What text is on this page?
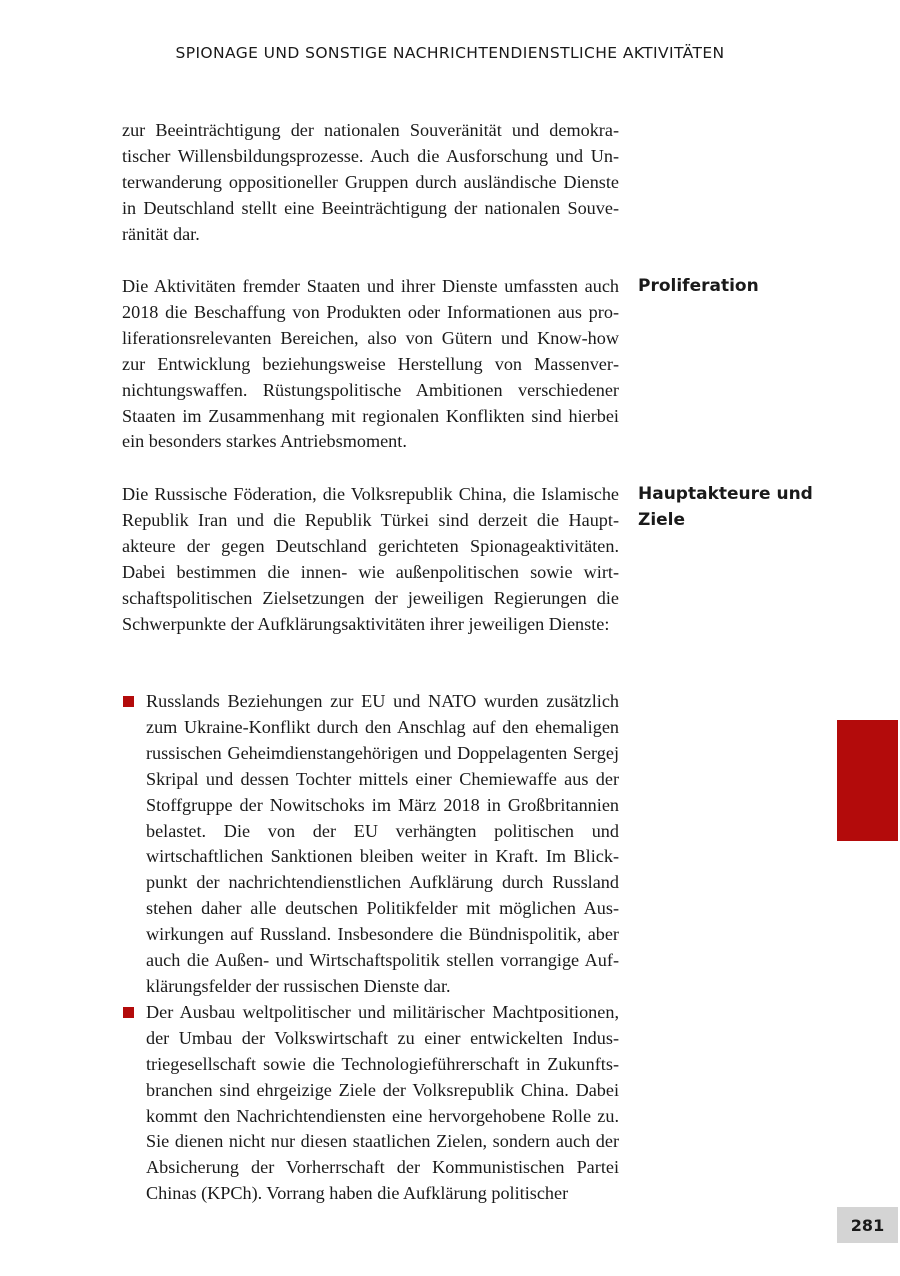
SPIONAGE UND SONSTIGE NACHRICHTENDIENSTLICHE AKTIVITÄTEN

zur Beeinträchtigung der nationalen Souveränität und demokratischer Willensbildungsprozesse. Auch die Ausforschung und Unterwanderung oppositioneller Gruppen durch ausländische Dienste in Deutschland stellt eine Beeinträchtigung der nationalen Souveränität dar.

Proliferation

Die Aktivitäten fremder Staaten und ihrer Dienste umfassten auch 2018 die Beschaffung von Produkten oder Informationen aus proliferationsrelevanten Bereichen, also von Gütern und Know-how zur Entwicklung beziehungsweise Herstellung von Massenvernichtungswaffen. Rüstungspolitische Ambitionen verschiedener Staaten im Zusammenhang mit regionalen Konflikten sind hierbei ein besonders starkes Antriebsmoment.

Hauptakteure und Ziele

Die Russische Föderation, die Volksrepublik China, die Islamische Republik Iran und die Republik Türkei sind derzeit die Hauptakteure der gegen Deutschland gerichteten Spionageaktivitäten. Dabei bestimmen die innen- wie außenpolitischen sowie wirtschaftspolitischen Zielsetzungen der jeweiligen Regierungen die Schwerpunkte der Aufklärungsaktivitäten ihrer jeweiligen Dienste:

Russlands Beziehungen zur EU und NATO wurden zusätzlich zum Ukraine-Konflikt durch den Anschlag auf den ehemaligen russischen Geheimdienstangehörigen und Doppelagenten Sergej Skripal und dessen Tochter mittels einer Chemiewaffe aus der Stoffgruppe der Nowitschoks im März 2018 in Großbritannien belastet. Die von der EU verhängten politischen und wirtschaftlichen Sanktionen bleiben weiter in Kraft. Im Blickpunkt der nachrichtendienstlichen Aufklärung durch Russland stehen daher alle deutschen Politikfelder mit möglichen Auswirkungen auf Russland. Insbesondere die Bündnispolitik, aber auch die Außen- und Wirtschaftspolitik stellen vorrangige Aufklärungsfelder der russischen Dienste dar.
Der Ausbau weltpolitischer und militärischer Machtpositionen, der Umbau der Volkswirtschaft zu einer entwickelten Industriegesellschaft sowie die Technologieführerschaft in Zukunftsbranchen sind ehrgeizige Ziele der Volksrepublik China. Dabei kommt den Nachrichtendiensten eine hervorgehobene Rolle zu. Sie dienen nicht nur diesen staatlichen Zielen, sondern auch der Absicherung der Vorherrschaft der Kommunistischen Partei Chinas (KPCh). Vorrang haben die Aufklärung politischer
281
